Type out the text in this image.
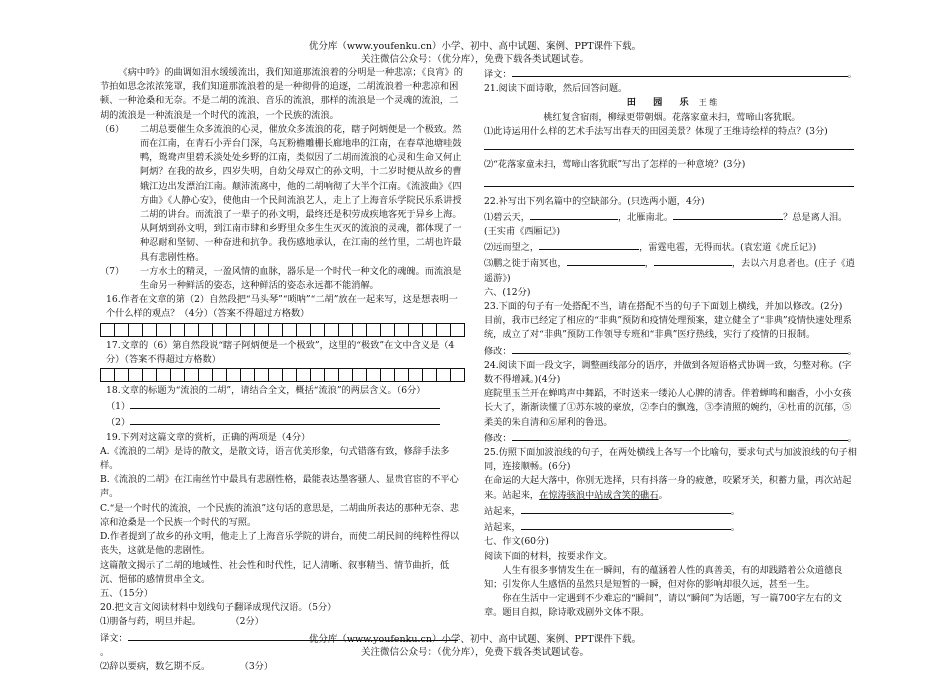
优分库（www.youfenku.cn）小学、初中、高中试题、案例、PPT课件下载。
关注微信公众号：（优分库），免费下载各类试题试卷。

《病中吟》的曲调如泪水缓缓流出，我们知道那流浪着的分明是一种悲凉；《良宵》的节拍如思念浓浓笼罩，我们知道那流浪着的是一种彻骨的追逐，二胡流浪着一种悲凉和困顿、一种沧桑和无奈。不是二胡的流浪、音乐的流浪，那样的流浪是一个灵魂的流浪，二胡的流浪是一种流浪是一个时代的流浪，一个民族的流浪。

（6）	二胡总要催生众多流浪的心灵，催放众多流浪的花，瞎子阿炳便是一个极致。然而在江南，在青石小弄台门深，乌瓦粉檐雕栅长廊地串的江南，在春草池塘哇鼓鸭，鸳鸯声里碧禾淡处处乡野的江南，类似因了二胡而流浪的心灵和生命又何止阿炳？在我的故乡，四岁失明，自幼父母双亡的孙文明，十二岁时便从故乡的曹娥江边出发漂泊江南。颠沛流离中，他的二胡响彻了大半个江南。《流波曲》《四方曲》《人静心安》，使他由一个民间流浪艺人，走上了上海音乐学院民乐系讲授二胡的讲台。而流浪了一辈子的孙文明，最终还是积劳成疾地客死于异乡上海。从阿炳到孙文明，到江南市肆和乡野里众多生生灭灭的流浪的灵魂，都体现了一种忍耐和坚韧、一种奋进和抗争。我伤感地承认，在江南的丝竹里，二胡也许最具有悲剧性格。
（7）	一方水土的精灵，一盈风情的血脉，器乐是一个时代一种文化的魂魄。而流浪是生命另一种鲜活的姿态，这种鲜活的姿态永远都不能消解。

16.作者在文章的第（2）自然段把“马头琴”“唢呐”“二胡”放在一起来写，这是想表明一个什么样的观点？（4分）（答案不得超过方格数）

17.文章的（6）第自然段说“瞎子阿炳便是一个极致”，这里的“极致”在文中含义是（4分）（答案不得超过方格数）

18.文章的标题为“流浪的二胡”，请结合全文，概括“流浪”的两层含义。（6分）

（1）
（2）

19.下列对这篇文章的赏析，正确的两项是（4分）

A.《流浪的二胡》是诗的散文，是散文诗，语言优美形象，句式错落有致，修辞手法多样。

B.《流浪的二胡》在江南丝竹中最具有悲剧性格，最能表达墨客骚人、显贵官宦的不平心声。

C.“是一个时代的流浪，一个民族的流浪”这句话的意思是，二胡曲所表达的那种无奈、悲凉和沧桑是一个民族一个时代的写照。

D.作者提到了故乡的孙文明，他走上了上海音乐学院的讲台，而使二胡民间的纯粹性得以丧失，这就是他的悲剧性。

这篇散文揭示了二胡的地域性、社会性和时代性，记人清晰、叙事精当、情节曲折，低沉、悒郁的感情贯串全文。

五、（15分）

20.把文言文阅读材料中划线句子翻译成现代汉语。（5分）

⑴朋备与药，明旦并起。	（2分）

译文：。

⑵辞以要病，数乞期不反。	（3分）

译文：	。

21.阅读下面诗歌，然后回答问题。

田　园　乐 王 维

桃红复含宿雨，柳绿更带朝烟。花落家童未扫，莺啼山客犹眠。

⑴此诗运用什么样的艺术手法写出春天的田园美景？体现了王维诗绘样的特点？(3分)

⑵“花落家童未扫，莺啼山客犹眠”写出了怎样的一种意境？(3分)

22.补写出下列名篇中的空缺部分。(只选两小题，4分)

⑴碧云天，	，北雁南北。	？总是离人泪。(王实甫《西厢记》)

⑵远而望之，	，雷霆电雹，无得而状。(袁宏道《虎丘记》)

⑶鹏之徙于南冥也，	，	，去以六月息者也。(庄子《逍遥游》)

六、(12分)

23.下面的句子有一处搭配不当，请在搭配不当的句子下面划上横线，并加以修改。(2分)

目前，我市已经定了相应的“非典”预防和疫情处理预案，建立健全了“非典”疫情快速处理系统，成立了对“非典”预防工作领导专班和“非典”医疗热线，实行了疫情的日报制。

修改：	。

24.阅读下面一段文字，调整画线部分的语序，并做到各短语格式协调一致，匀整对称。(字数不得增减。)(4分)

庭院里玉兰开在蝉鸣声中舞蹈，不时送来一缕沁人心脾的清香。伴着蝉鸣和幽香，小小女孩长大了，渐渐读懂了①苏东坡的豪放，②李白的飘逸，③李清照的婉约，④杜甫的沉郁，⑤柔美的朱自清和⑥犀利的鲁迅。

修改：	。

25.仿照下面加波浪线的句子，在两处横线上各写一个比喻句，要求句式与加波浪线的句子相同，连接顺畅。(6分)

在命运的大起大落中，你别无选择，只有抖落一身的疲惫，咬紧牙关，积蓄力量，再次站起来。站起来，在惊涛骇浪中站成含笑的礁石。

站起来，	。
站起来，	。

七、作文(60分)

阅读下面的材料，按要求作文。

人生有很多事情发生在一瞬间，有的蕴涵着人性的真善美，有的却践踏着公众道德良知；引发你人生感悟的虽然只是短暂的一瞬，但对你的影响却很久远，甚至一生。

你在生活中一定遇到不少难忘的“瞬间”，请以“瞬间”为话题，写一篇700字左右的文章。题目自拟，除诗歌戏剧外文体不限。

优分库（www.youfenku.cn）小学、初中、高中试题、案例、PPT课件下载。
关注微信公众号：（优分库），免费下载各类试题试卷。
